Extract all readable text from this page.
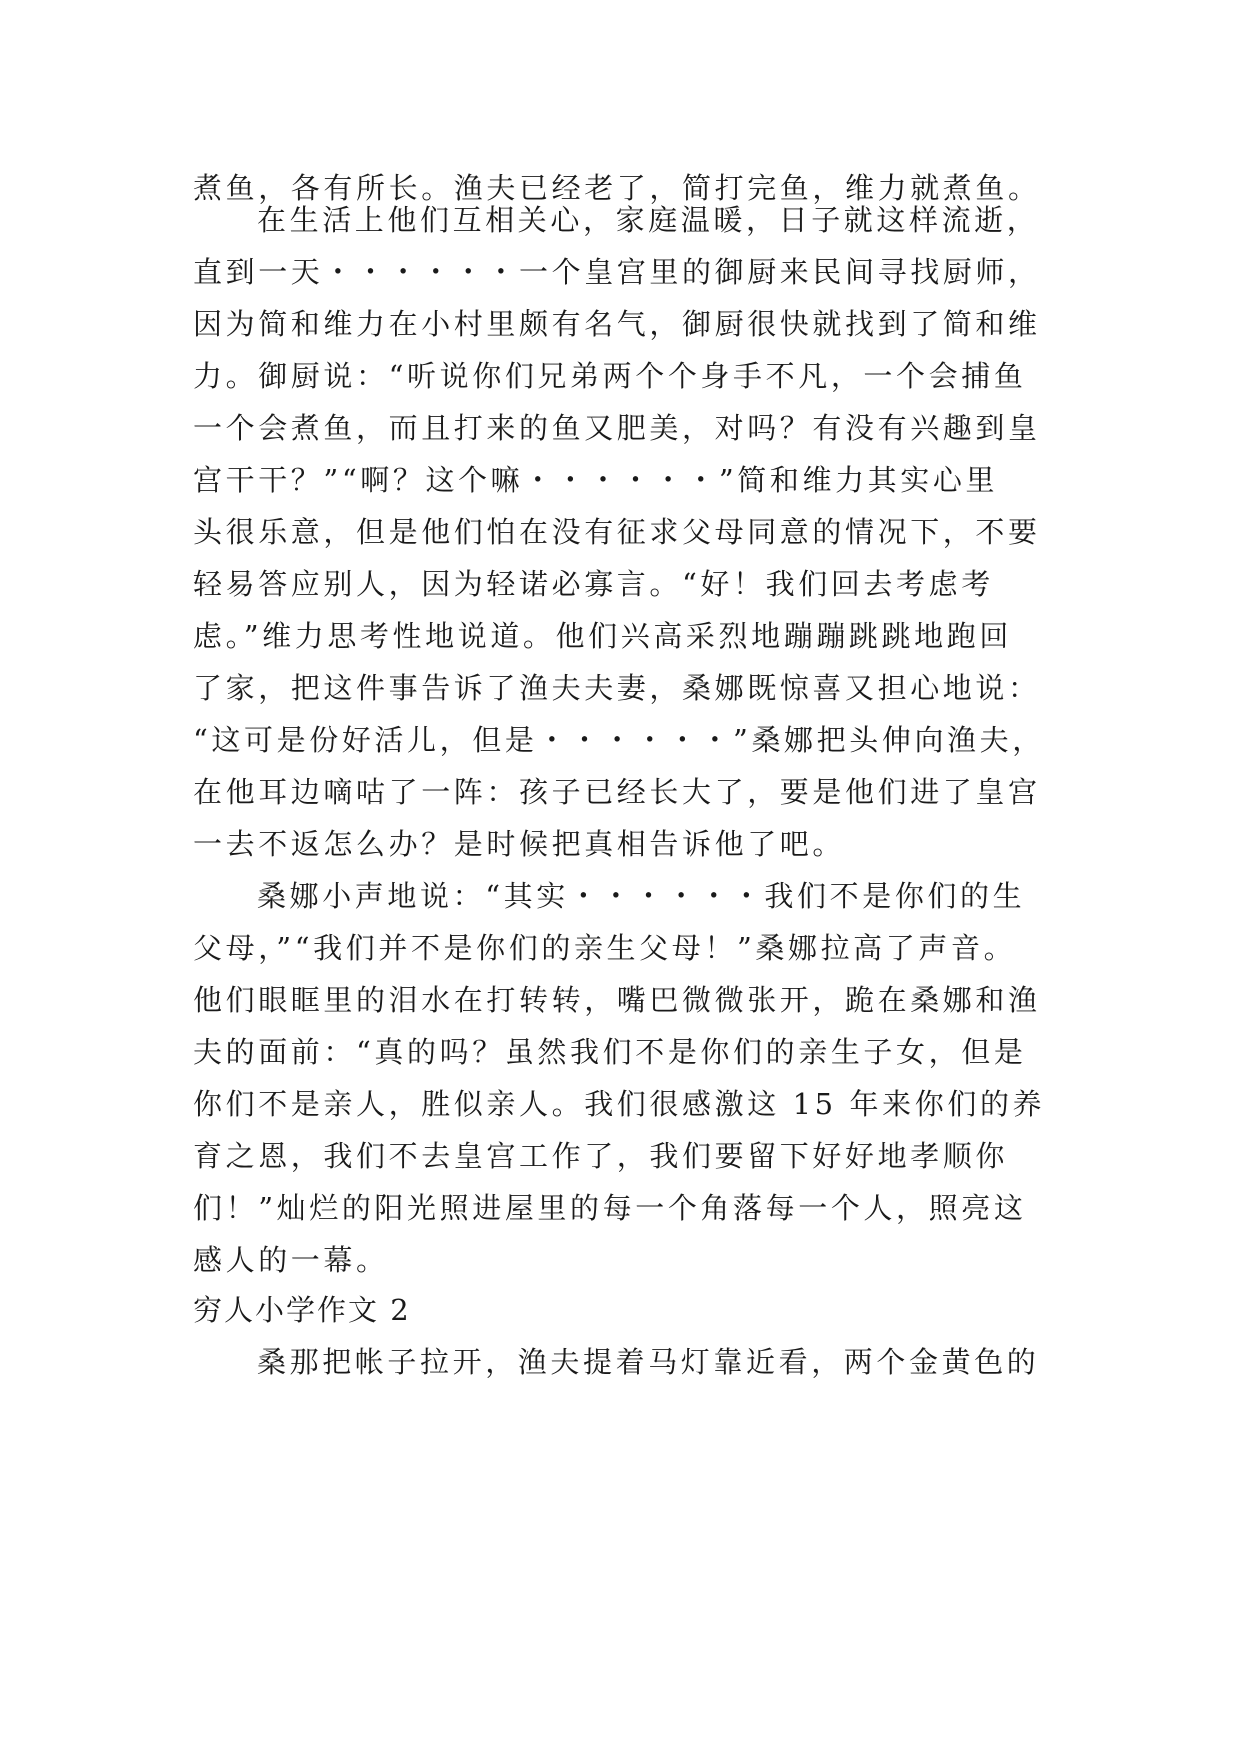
煮鱼，各有所长。渔夫已经老了，简打完鱼，维力就煮鱼。
在生活上他们互相关心，家庭温暖，日子就这样流逝，
直到一天・・・・・・一个皇宫里的御厨来民间寻找厨师，
因为简和维力在小村里颇有名气，御厨很快就找到了简和维
力。御厨说：“听说你们兄弟两个个身手不凡，一个会捕鱼
一个会煮鱼，而且打来的鱼又肥美，对吗？有没有兴趣到皇
宫干干？”“啊？这个嘛・・・・・・”简和维力其实心里
头很乐意，但是他们怕在没有征求父母同意的情况下，不要
轻易答应别人，因为轻诺必寡言。“好！我们回去考虑考
虑。”维力思考性地说道。他们兴高采烈地蹦蹦跳跳地跑回
了家，把这件事告诉了渔夫夫妻，桑娜既惊喜又担心地说：
“这可是份好活儿，但是・・・・・・”桑娜把头伸向渔夫，
在他耳边嘀咕了一阵：孩子已经长大了，要是他们进了皇宫
一去不返怎么办？是时候把真相告诉他了吧。
桑娜小声地说：“其实・・・・・・我们不是你们的生
父母，”“我们并不是你们的亲生父母！”桑娜拉高了声音。
他们眼眶里的泪水在打转转，嘴巴微微张开，跪在桑娜和渔
夫的面前：“真的吗？虽然我们不是你们的亲生子女，但是
你们不是亲人，胜似亲人。我们很感激这 15 年来你们的养
育之恩，我们不去皇宫工作了，我们要留下好好地孝顺你
们！”灿烂的阳光照进屋里的每一个角落每一个人，照亮这
感人的一幕。
穷人小学作文 2
桑那把帐子拉开，渔夫提着马灯靠近看，两个金黄色的
